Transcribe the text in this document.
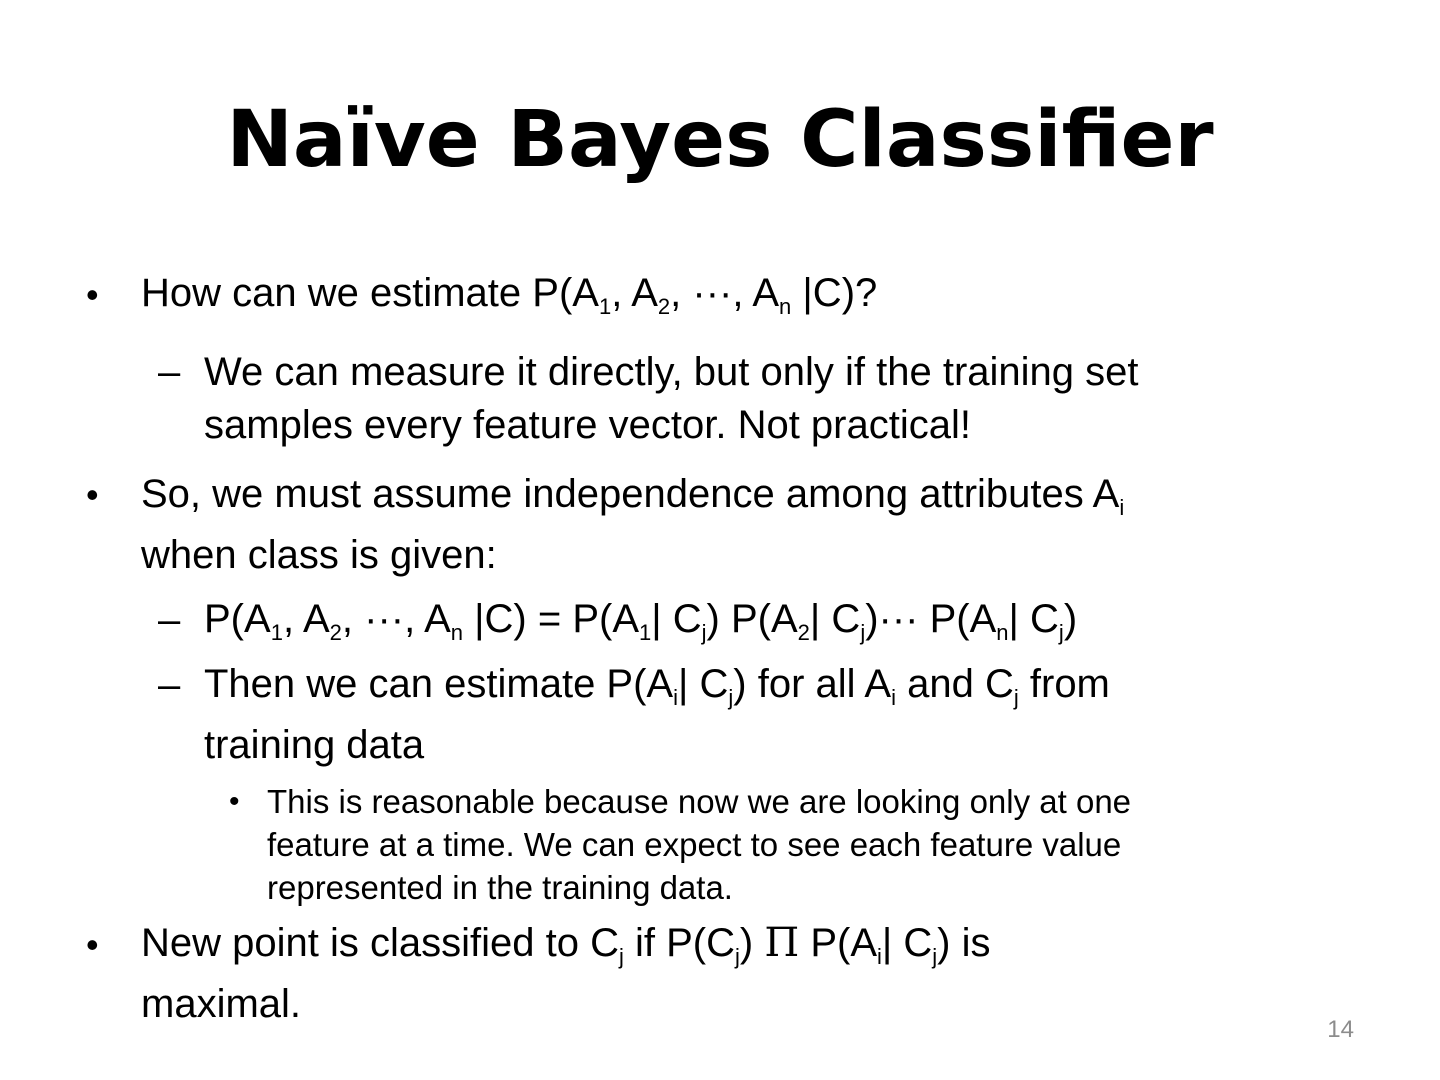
Naïve Bayes Classifier
• How can we estimate $P(A_1$, $A_2$, ···, $A_n$ |C)?
– We can measure it directly, but only if the training set
samples every feature vector. Not practical!
• So, we must assume independence among attributes $A_i$
when class is given:
– $P(A_1$, $A_2$, ···, $A_n$ $|C) = P(A_1|$ $C_j$) $P(A_2|$ $C_j)\cdot\cdot\cdot P(A_n|$ $C_j$)
– Then we can estimate $P(A_i|$ $C_j$) for all $A_i$ and $C_j$ from
training data
• This is reasonable because now we are looking only at one
feature at a time. We can expect to see each feature value
represented in the training data.
• New point is classified to $C_j$ if $P(C_j)$ Π $P(A_i|$ $C_j$) is
maximal.
14
